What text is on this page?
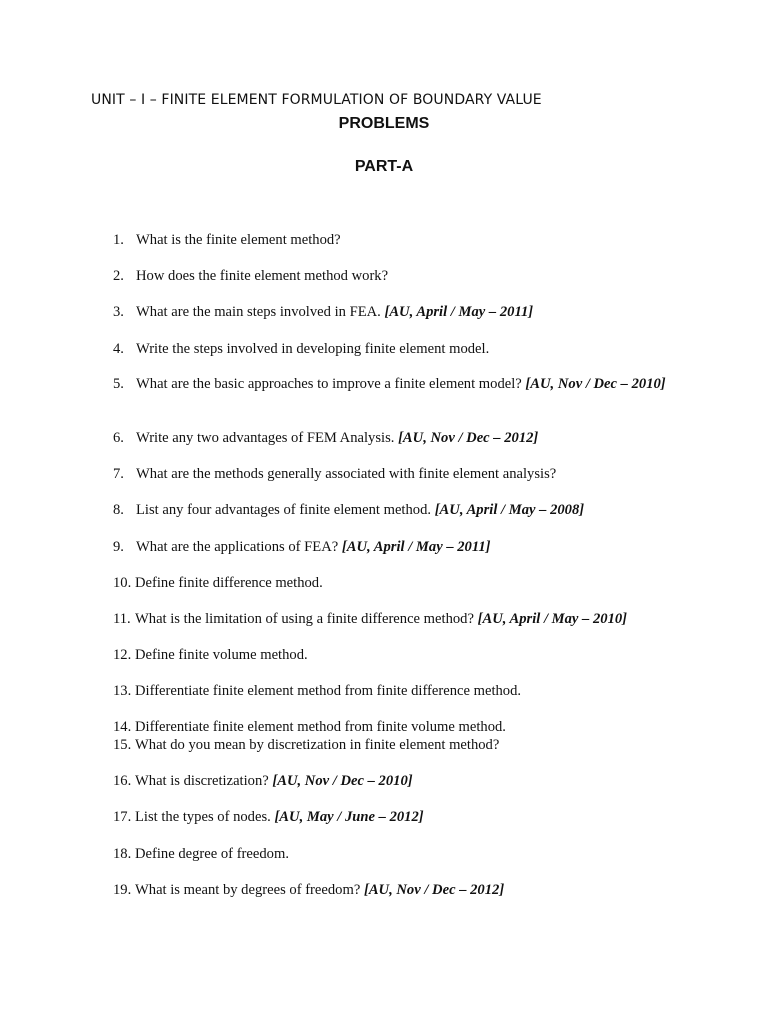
UNIT – I – FINITE ELEMENT FORMULATION OF BOUNDARY VALUE
PROBLEMS
PART-A
1. What is the finite element method?
2. How does the finite element method work?
3. What are the main steps involved in FEA. [AU, April / May – 2011]
4. Write the steps involved in developing finite element model.
5. What are the basic approaches to improve a finite element model? [AU, Nov / Dec – 2010]
6. Write any two advantages of FEM Analysis. [AU, Nov / Dec – 2012]
7. What are the methods generally associated with finite element analysis?
8. List any four advantages of finite element method. [AU, April / May – 2008]
9. What are the applications of FEA? [AU, April / May – 2011]
10. Define finite difference method.
11. What is the limitation of using a finite difference method? [AU, April / May – 2010]
12. Define finite volume method.
13. Differentiate finite element method from finite difference method.
14. Differentiate finite element method from finite volume method.
15. What do you mean by discretization in finite element method?
16. What is discretization? [AU, Nov / Dec – 2010]
17. List the types of nodes. [AU, May / June – 2012]
18. Define degree of freedom.
19. What is meant by degrees of freedom? [AU, Nov / Dec – 2012]
